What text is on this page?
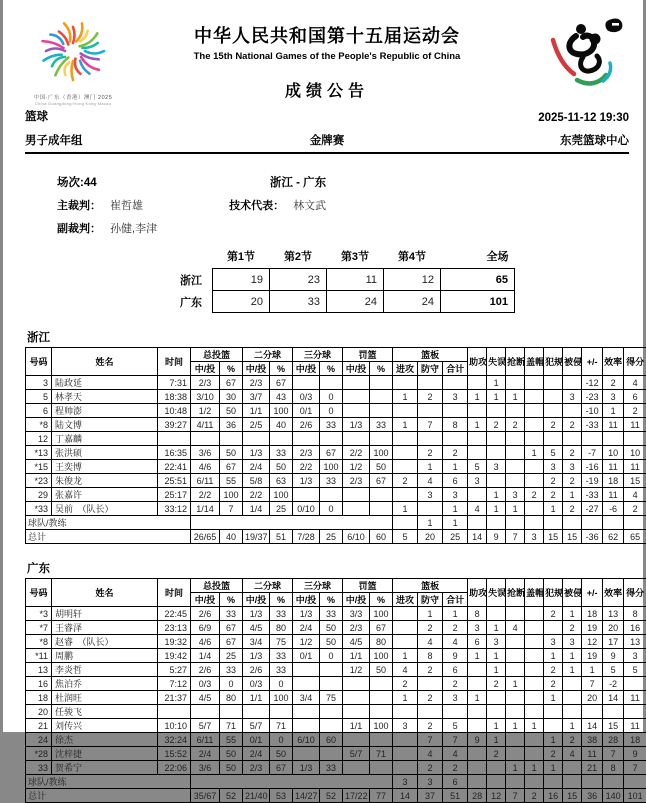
中国·广东（香港）澳门 2025
China Guangdong·Hong Kong·Macao
中华人民共和国第十五届运动会
The 15th National Games of the People's Republic of China
成绩公告
篮球	2025-11-12 19:30
男子成年组	金牌赛	东莞篮球中心
场次:44	浙江 - 广东
主裁判： 崔哲雄	技术代表： 林文武
副裁判： 孙健,李津
	第1节	第2节	第3节	第4节	全场
浙江	19	23	11	12	65
广东	20	33	24	24	101
浙江
号码	姓名	时间	总投篮		二分球		三分球		罚篮		篮板			助攻	失误	抢断	盖帽	犯规	被侵	+/-	效率	得分
			中/投	%	中/投	%	中/投	%	中/投	%	进攻	防守	合计									
3	陆政延	7:31	2/3	67	2/3	67									1					-12	2	4
5	林孝天	18:38	3/10	30	3/7	43	0/3	0			1	2	3	1	1	1			3	-23	3	6
6	程帅澎	10:48	1/2	50	1/1	100	0/1	0												-10	1	2
*8	陆文博	39:27	4/11	36	2/5	40	2/6	33	1/3	33	1	7	8	1	2	2		2	2	-33	11	11
12	丁嘉麟																					
*13	张洪硕	16:35	3/6	50	1/3	33	2/3	67	2/2	100		2	2				1	5	2	-7	10	10
*15	王奕博	22:41	4/6	67	2/4	50	2/2	100	1/2	50		1	1	5	3			3	3	-16	11	11
*23	朱俊龙	25:51	6/11	55	5/8	63	1/3	33	2/3	67	2	4	6	3				2	2	-19	18	15
29	张嘉许	25:17	2/2	100	2/2	100						3	3		1	3	2	2	1	-33	11	4
*33	吴前　（队长）	33:12	1/14	7	1/4	25	0/10	0			1		1	4	1	1		1	2	-27	-6	2
球队/教练												1	1									
总计			26/65	40	19/37	51	7/28	25	6/10	60	5	20	25	14	9	7	3	15	15	-36	62	65
广东
号码	姓名	时间	总投篮		二分球		三分球		罚篮		篮板			助攻	失误	抢断	盖帽	犯规	被侵	+/-	效率	得分
			中/投	%	中/投	%	中/投	%	中/投	%	进攻	防守	合计									
*3	胡明轩	22:45	2/6	33	1/3	33	1/3	33	3/3	100		1	1	8				2	1	18	13	8
*7	王睿泽	23:13	6/9	67	4/5	80	2/4	50	2/3	67		2	2	3	1	4			2	19	20	16
*8	赵睿　（队长）	19:32	4/6	67	3/4	75	1/2	50	4/5	80		4	4	6	3			3	3	12	17	13
*11	周鹏	19:42	1/4	25	1/3	33	0/1	0	1/1	100	1	8	9	1	1			1	1	19	9	3
13	李炎哲	5:27	2/6	33	2/6	33			1/2	50	4	2	6		1			2	1	1	5	5
16	焦泊乔	7:12	0/3	0	0/3	0					2		2		2	1		2		7	-2	
18	杜润旺	21:37	4/5	80	1/1	100	3/4	75			1	2	3	1				1		20	14	11
20	任骏飞																					
21	刘传兴	10:10	5/7	71	5/7	71			1/1	100	3	2	5		1	1	1		1	14	15	11
24	徐杰	32:24	6/11	55	0/1	0	6/10	60				7	7	9	1			1	2	38	28	18
*28	沈梓捷	15:52	2/4	50	2/4	50			5/7	71		4	4		2			2	4	11	7	9
33	贺希宁	22:06	3/6	50	2/3	67	1/3	33				2	2			1	1	1		21	8	7
球队/教练											3	3	6									
总计			35/67	52	21/40	53	14/27	52	17/22	77	14	37	51	28	12	7	2	16	15	36	140	101
